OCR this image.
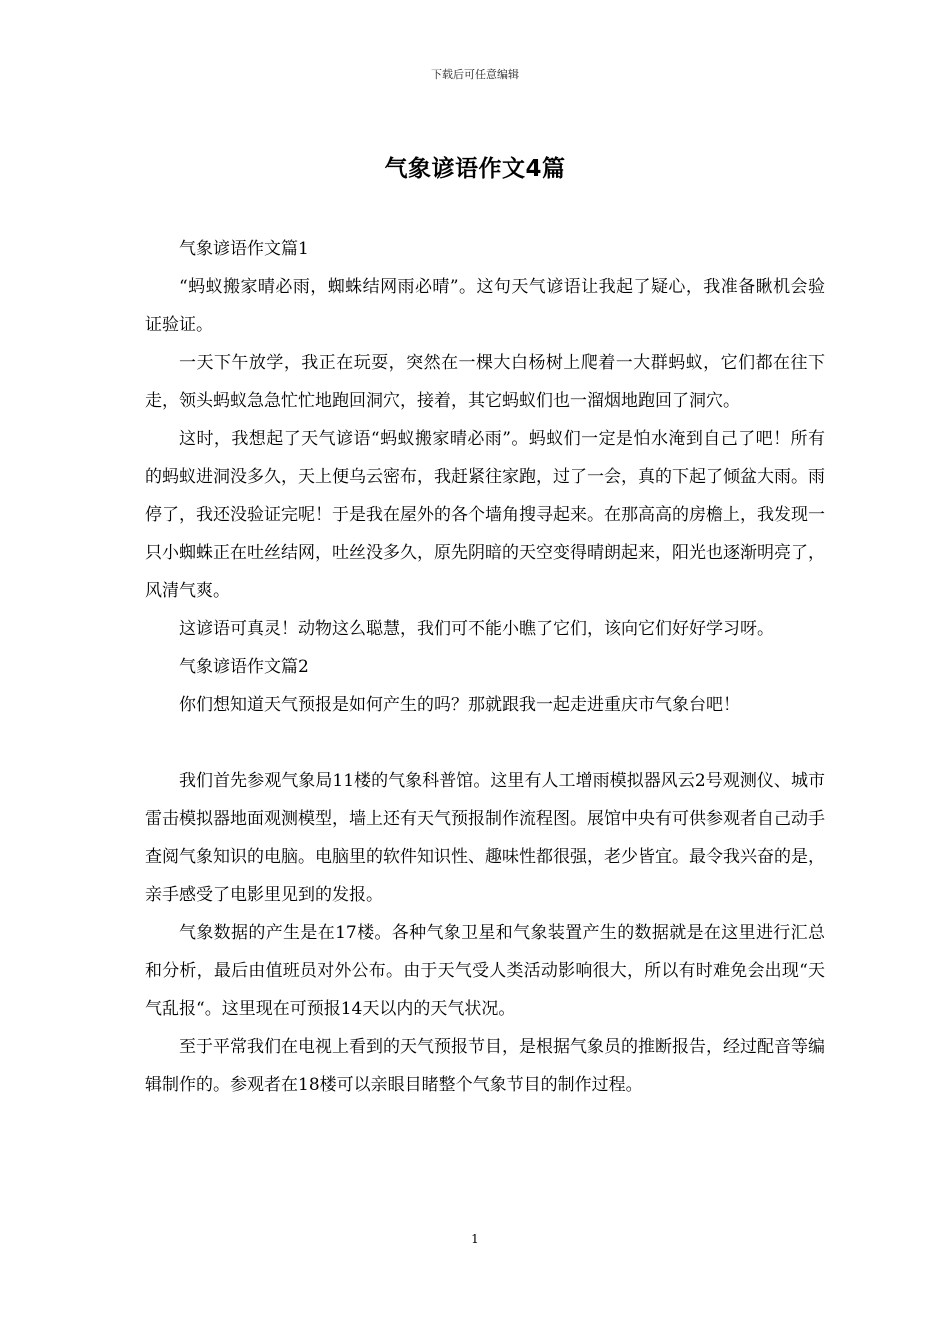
下载后可任意编辑
气象谚语作文4篇

气象谚语作文篇1

“蚂蚁搬家晴必雨，蜘蛛结网雨必晴”。这句天气谚语让我起了疑心，我准备瞅机会验证验证。

一天下午放学，我正在玩耍，突然在一棵大白杨树上爬着一大群蚂蚁，它们都在往下走，领头蚂蚁急急忙忙地跑回洞穴，接着，其它蚂蚁们也一溜烟地跑回了洞穴。

这时，我想起了天气谚语“蚂蚁搬家晴必雨”。蚂蚁们一定是怕水淹到自己了吧！所有的蚂蚁进洞没多久，天上便乌云密布，我赶紧往家跑，过了一会，真的下起了倾盆大雨。雨停了，我还没验证完呢！于是我在屋外的各个墙角搜寻起来。在那高高的房檐上，我发现一只小蜘蛛正在吐丝结网，吐丝没多久，原先阴暗的天空变得晴朗起来，阳光也逐渐明亮了，风清气爽。

这谚语可真灵！动物这么聪慧，我们可不能小瞧了它们，该向它们好好学习呀。

气象谚语作文篇2

你们想知道天气预报是如何产生的吗？那就跟我一起走进重庆市气象台吧！

我们首先参观气象局11楼的气象科普馆。这里有人工增雨模拟器风云2号观测仪、城市雷击模拟器地面观测模型，墙上还有天气预报制作流程图。展馆中央有可供参观者自己动手查阅气象知识的电脑。电脑里的软件知识性、趣味性都很强，老少皆宜。最令我兴奋的是，亲手感受了电影里见到的发报。

气象数据的产生是在17楼。各种气象卫星和气象装置产生的数据就是在这里进行汇总和分析，最后由值班员对外公布。由于天气受人类活动影响很大，所以有时难免会出现“天气乱报“。这里现在可预报14天以内的天气状况。

至于平常我们在电视上看到的天气预报节目，是根据气象员的推断报告，经过配音等编辑制作的。参观者在18楼可以亲眼目睹整个气象节目的制作过程。

1
